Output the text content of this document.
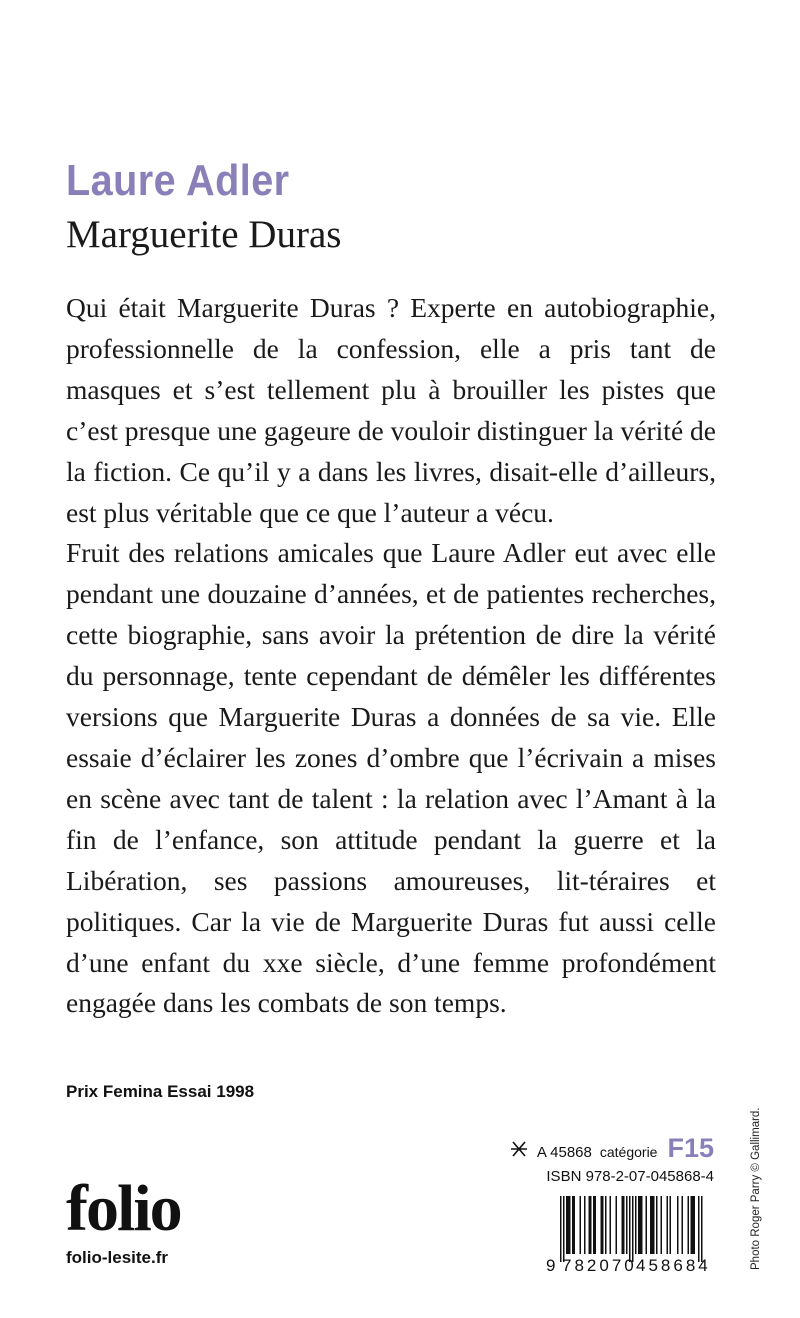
Laure Adler
Marguerite Duras

Qui était Marguerite Duras ? Experte en autobiographie, professionnelle de la confession, elle a pris tant de masques et s’est tellement plu à brouiller les pistes que c’est presque une gageure de vouloir distinguer la vérité de la fiction. Ce qu’il y a dans les livres, disait-elle d’ailleurs, est plus véritable que ce que l’auteur a vécu.

Fruit des relations amicales que Laure Adler eut avec elle pendant une douzaine d’années, et de patientes recherches, cette biographie, sans avoir la prétention de dire la vérité du personnage, tente cependant de démêler les différentes versions que Marguerite Duras a données de sa vie. Elle essaie d’éclairer les zones d’ombre que l’écrivain a mises en scène avec tant de talent : la relation avec l’Amant à la fin de l’enfance, son attitude pendant la guerre et la Libération, ses passions amoureuses, lit-téraires et politiques. Car la vie de Marguerite Duras fut aussi celle d’une enfant du xxe siècle, d’une femme profondément engagée dans les combats de son temps.

Prix Femina Essai 1998
folio
folio-lesite.fr
A 45868 catégorie F15
ISBN 978-2-07-045868-4
9 782070 458684	Photo Roger Parry © Gallimard.
